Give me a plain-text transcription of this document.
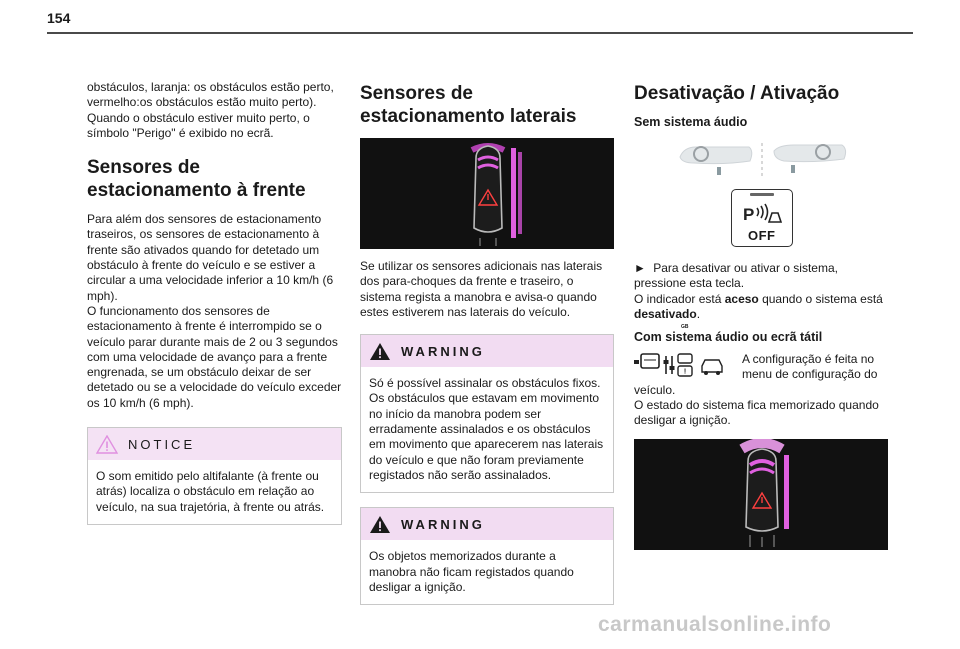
154

obstáculos, laranja: os obstáculos estão perto, vermelho:os obstáculos estão muito perto). Quando o obstáculo estiver muito perto, o símbolo "Perigo" é exibido no ecrã.

Sensores de estacionamento à frente

Para além dos sensores de estacionamento traseiros, os sensores de estacionamento à frente são ativados quando for detetado um obstáculo à frente do veículo e se estiver a circular a uma velocidade inferior a 10 km/h (6 mph).

O funcionamento dos sensores de estacionamento à frente é interrompido se o veículo parar durante mais de 2 ou 3 segundos com uma velocidade de avanço para a frente engrenada, se um obstáculo deixar de ser detetado ou se a velocidade do veículo exceder os 10 km/h (6 mph).

NOTICE
O som emitido pelo altifalante (à frente ou atrás) localiza o obstáculo em relação ao veículo, na sua trajetória, à frente ou atrás.
Sensores de estacionamento laterais

Se utilizar os sensores adicionais nas laterais dos para-choques da frente e traseiro, o sistema regista a manobra e avisa-o quando estes estiverem nas laterais do veículo.

WARNING
Só é possível assinalar os obstáculos fixos. Os obstáculos que estavam em movimento no início da manobra podem ser erradamente assinalados e os obstáculos em movimento que aparecerem nas laterais do veículo e que não foram previamente registados não serão assinalados.
WARNING
Os objetos memorizados durante a manobra não ficam registados quando desligar a ignição.
Desativação / Ativação
Sem sistema áudio
P
OFF

► Para desativar ou ativar o sistema, pressione esta tecla.

O indicador está aceso quando o sistema está desativado.

Com sistema áudio ou ecrã tátil
!

A configuração é feita no menu de configuração do

GB

veículo.

O estado do sistema fica memorizado quando desligar a ignição.

carmanualsonline.info
